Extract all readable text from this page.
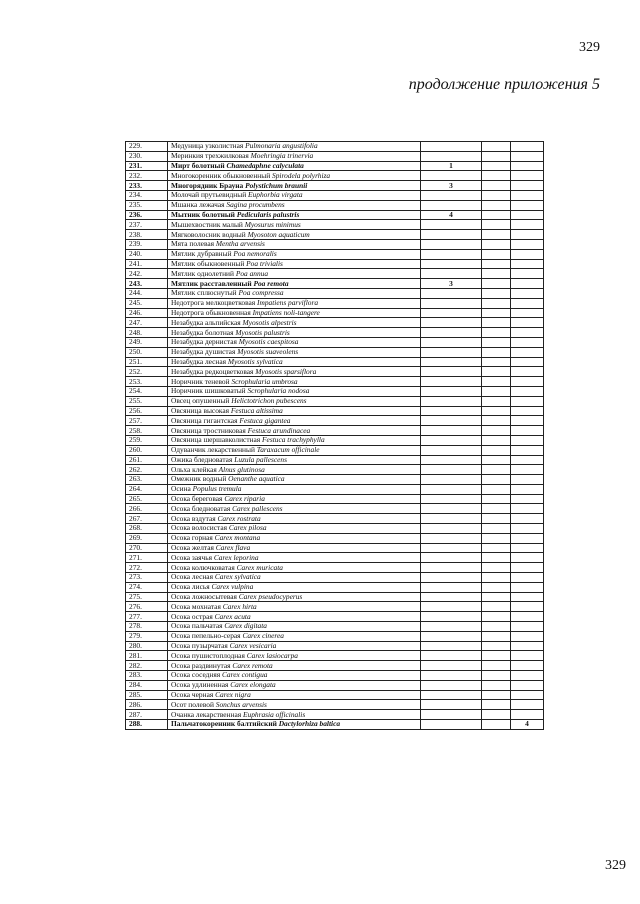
329
продолжение приложения 5
229.	Медуница узколистная Pulmonaria angustifolia			
230.	Меринкия трехжилковая Moehringia trinervia			
231.	Мирт болотный Chamedaphne calyculata	1		
232.	Многокоренник обыкновенный Spirodela polyrhiza			
233.	Многорядник Брауна Polystichum braunii	3		
234.	Молочай прутьевидный Euphorbia virgata			
235.	Мшанка лежачая Sagina procumbens			
236.	Мытник болотный Pedicularis palustris	4		
237.	Мышехвостник малый Myosurus minimus			
238.	Мягковолосник водный Myosoton aquaticum			
239.	Мята полевая Mentha arvensis			
240.	Мятлик дубравный Poa nemoralis			
241.	Мятлик обыкновенный Poa trivialis			
242.	Мятлик однолетний Poa annua			
243.	Мятлик расставленный Poa remota	3		
244.	Мятлик сплюснутый Poa compressa			
245.	Недотрога мелкоцветковая Impatiens parviflora			
246.	Недотрога обыкновенная Impatiens noli-tangere			
247.	Незабудка альпийская Myosotis alpestris			
248.	Незабудка болотная Myosotis palustris			
249.	Незабудка дернистая Myosotis caespitosa			
250.	Незабудка душистая Myosotis suaveolens			
251.	Незабудка лесная Myosotis sylvatica			
252.	Незабудка редкоцветковая Myosotis sparsiflora			
253.	Норичник теневой Scrophularia umbrosa			
254.	Норичник шишковатый Scrophularia nodosa			
255.	Овсец опушенный Helictotrichon pubescens			
256.	Овсяница высокая Festuca altissima			
257.	Овсяница гигантская Festuca gigantea			
258.	Овсяница тростниковая Festuca arundinacea			
259.	Овсяница шершавколистная Festuca trachyphylla			
260.	Одуванчик лекарственный Taraxacum officinale			
261.	Ожика бледноватая Luzula pallescens			
262.	Ольха клейкая Alnus glutinosa			
263.	Омежник водный Oenanthe aquatica			
264.	Осина Populus tremula			
265.	Осока береговая Carex riparia			
266.	Осока бледноватая Carex pallescens			
267.	Осока вздутая Carex rostrata			
268.	Осока волосистая Carex pilosa			
269.	Осока горная Carex montana			
270.	Осока желтая Carex flava			
271.	Осока заячья Carex leporina			
272.	Осока колючковатая Carex muricata			
273.	Осока лесная Carex sylvatica			
274.	Осока лисья Carex vulpina			
275.	Осока ложносытевая Carex pseudocyperus			
276.	Осока мохнатая Carex hirta			
277.	Осока острая Carex acuta			
278.	Осока пальчатая Carex digitata			
279.	Осока пепельно-серая Carex cinerea			
280.	Осока пузырчатая Carex vesicaria			
281.	Осока пушистоплодная Carex lasiocarpa			
282.	Осока раздвинутая Carex remota			
283.	Осока соседняя Carex contigua			
284.	Осока удлиненная Carex elongata			
285.	Осока черная Carex nigra			
286.	Осот полевой Sonchus arvensis			
287.	Очанка лекарственная Euphrasia officinalis			
288.	Пальчатокоренник балтийский Dactylorhiza baltica			4
329
